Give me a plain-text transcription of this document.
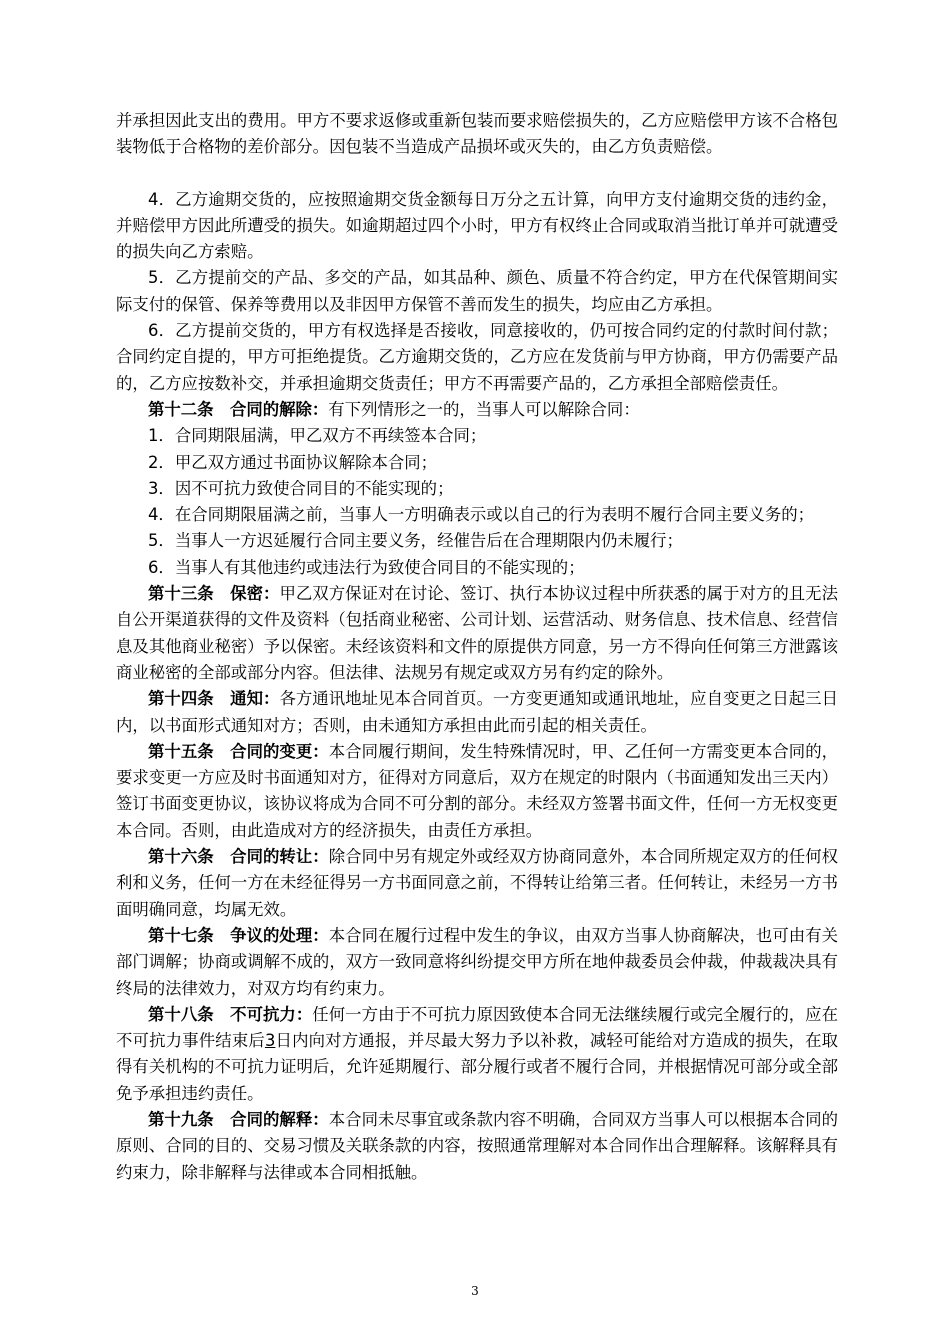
并承担因此支出的费用。甲方不要求返修或重新包装而要求赔偿损失的，乙方应赔偿甲方该不合格包装物低于合格物的差价部分。因包装不当造成产品损坏或灭失的，由乙方负责赔偿。

4．乙方逾期交货的，应按照逾期交货金额每日万分之五计算，向甲方支付逾期交货的违约金，并赔偿甲方因此所遭受的损失。如逾期超过四个小时，甲方有权终止合同或取消当批订单并可就遭受的损失向乙方索赔。

5．乙方提前交的产品、多交的产品，如其品种、颜色、质量不符合约定，甲方在代保管期间实际支付的保管、保养等费用以及非因甲方保管不善而发生的损失，均应由乙方承担。

6．乙方提前交货的，甲方有权选择是否接收，同意接收的，仍可按合同约定的付款时间付款；合同约定自提的，甲方可拒绝提货。乙方逾期交货的，乙方应在发货前与甲方协商，甲方仍需要产品的，乙方应按数补交，并承担逾期交货责任；甲方不再需要产品的，乙方承担全部赔偿责任。

第十二条　合同的解除：有下列情形之一的，当事人可以解除合同：

1．合同期限届满，甲乙双方不再续签本合同；

2．甲乙双方通过书面协议解除本合同；

3．因不可抗力致使合同目的不能实现的；

4．在合同期限届满之前，当事人一方明确表示或以自己的行为表明不履行合同主要义务的；

5．当事人一方迟延履行合同主要义务，经催告后在合理期限内仍未履行；

6．当事人有其他违约或违法行为致使合同目的不能实现的；

第十三条　保密：甲乙双方保证对在讨论、签订、执行本协议过程中所获悉的属于对方的且无法自公开渠道获得的文件及资料（包括商业秘密、公司计划、运营活动、财务信息、技术信息、经营信息及其他商业秘密）予以保密。未经该资料和文件的原提供方同意，另一方不得向任何第三方泄露该商业秘密的全部或部分内容。但法律、法规另有规定或双方另有约定的除外。

第十四条　通知：各方通讯地址见本合同首页。一方变更通知或通讯地址，应自变更之日起三日内，以书面形式通知对方；否则，由未通知方承担由此而引起的相关责任。

第十五条　合同的变更：本合同履行期间，发生特殊情况时，甲、乙任何一方需变更本合同的，要求变更一方应及时书面通知对方，征得对方同意后，双方在规定的时限内（书面通知发出三天内）签订书面变更协议，该协议将成为合同不可分割的部分。未经双方签署书面文件，任何一方无权变更本合同。否则，由此造成对方的经济损失，由责任方承担。

第十六条　合同的转让：除合同中另有规定外或经双方协商同意外，本合同所规定双方的任何权利和义务，任何一方在未经征得另一方书面同意之前，不得转让给第三者。任何转让，未经另一方书面明确同意，均属无效。

第十七条　争议的处理：本合同在履行过程中发生的争议，由双方当事人协商解决，也可由有关部门调解；协商或调解不成的，双方一致同意将纠纷提交甲方所在地仲裁委员会仲裁，仲裁裁决具有终局的法律效力，对双方均有约束力。

第十八条　不可抗力：任何一方由于不可抗力原因致使本合同无法继续履行或完全履行的，应在不可抗力事件结束后3日内向对方通报，并尽最大努力予以补救，减轻可能给对方造成的损失，在取得有关机构的不可抗力证明后，允许延期履行、部分履行或者不履行合同，并根据情况可部分或全部免予承担违约责任。

第十九条　合同的解释：本合同未尽事宜或条款内容不明确，合同双方当事人可以根据本合同的原则、合同的目的、交易习惯及关联条款的内容，按照通常理解对本合同作出合理解释。该解释具有约束力，除非解释与法律或本合同相抵触。

3
